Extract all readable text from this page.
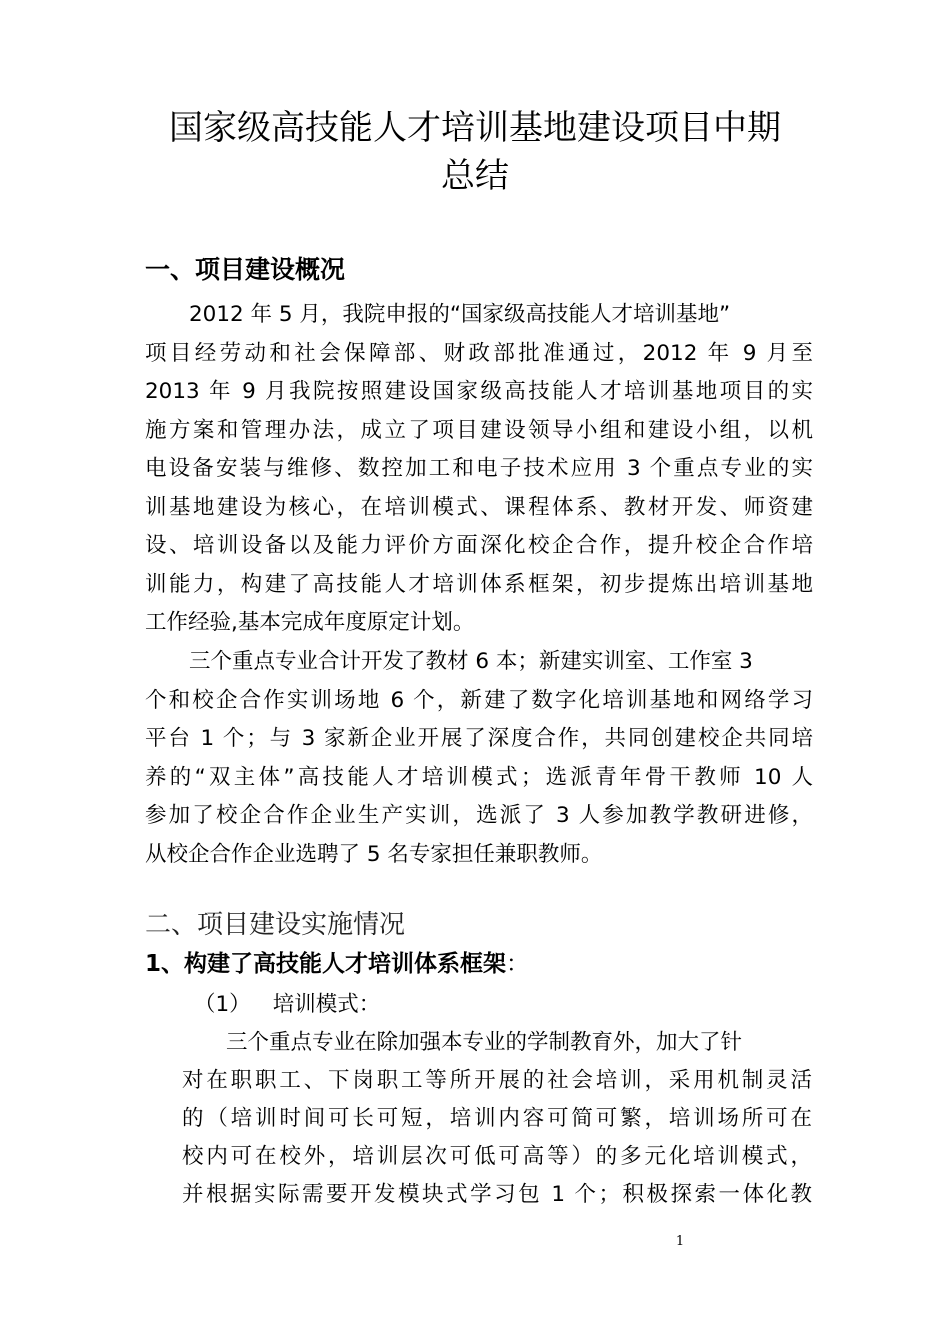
国家级高技能人才培训基地建设项目中期
总结
一、项目建设概况
2012 年 5 月，我院申报的“国家级高技能人才培训基地”
项目经劳动和社会保障部、财政部批准通过，2012 年 9 月至
2013 年 9 月我院按照建设国家级高技能人才培训基地项目的实
施方案和管理办法，成立了项目建设领导小组和建设小组，以机
电设备安装与维修、数控加工和电子技术应用 3 个重点专业的实
训基地建设为核心，在培训模式、课程体系、教材开发、师资建
设、培训设备以及能力评价方面深化校企合作，提升校企合作培
训能力，构建了高技能人才培训体系框架，初步提炼出培训基地
工作经验,基本完成年度原定计划。
三个重点专业合计开发了教材 6 本；新建实训室、工作室 3
个和校企合作实训场地 6 个，新建了数字化培训基地和网络学习
平台 1 个；与 3 家新企业开展了深度合作，共同创建校企共同培
养的“双主体”高技能人才培训模式；选派青年骨干教师 10 人
参加了校企合作企业生产实训，选派了 3 人参加教学教研进修，
从校企合作企业选聘了 5 名专家担任兼职教师。
二、项目建设实施情况
1、构建了高技能人才培训体系框架：
（1） 培训模式：
三个重点专业在除加强本专业的学制教育外，加大了针
对在职职工、下岗职工等所开展的社会培训，采用机制灵活
的（培训时间可长可短，培训内容可简可繁，培训场所可在
校内可在校外，培训层次可低可高等）的多元化培训模式，
并根据实际需要开发模块式学习包 1 个；积极探索一体化教
1
